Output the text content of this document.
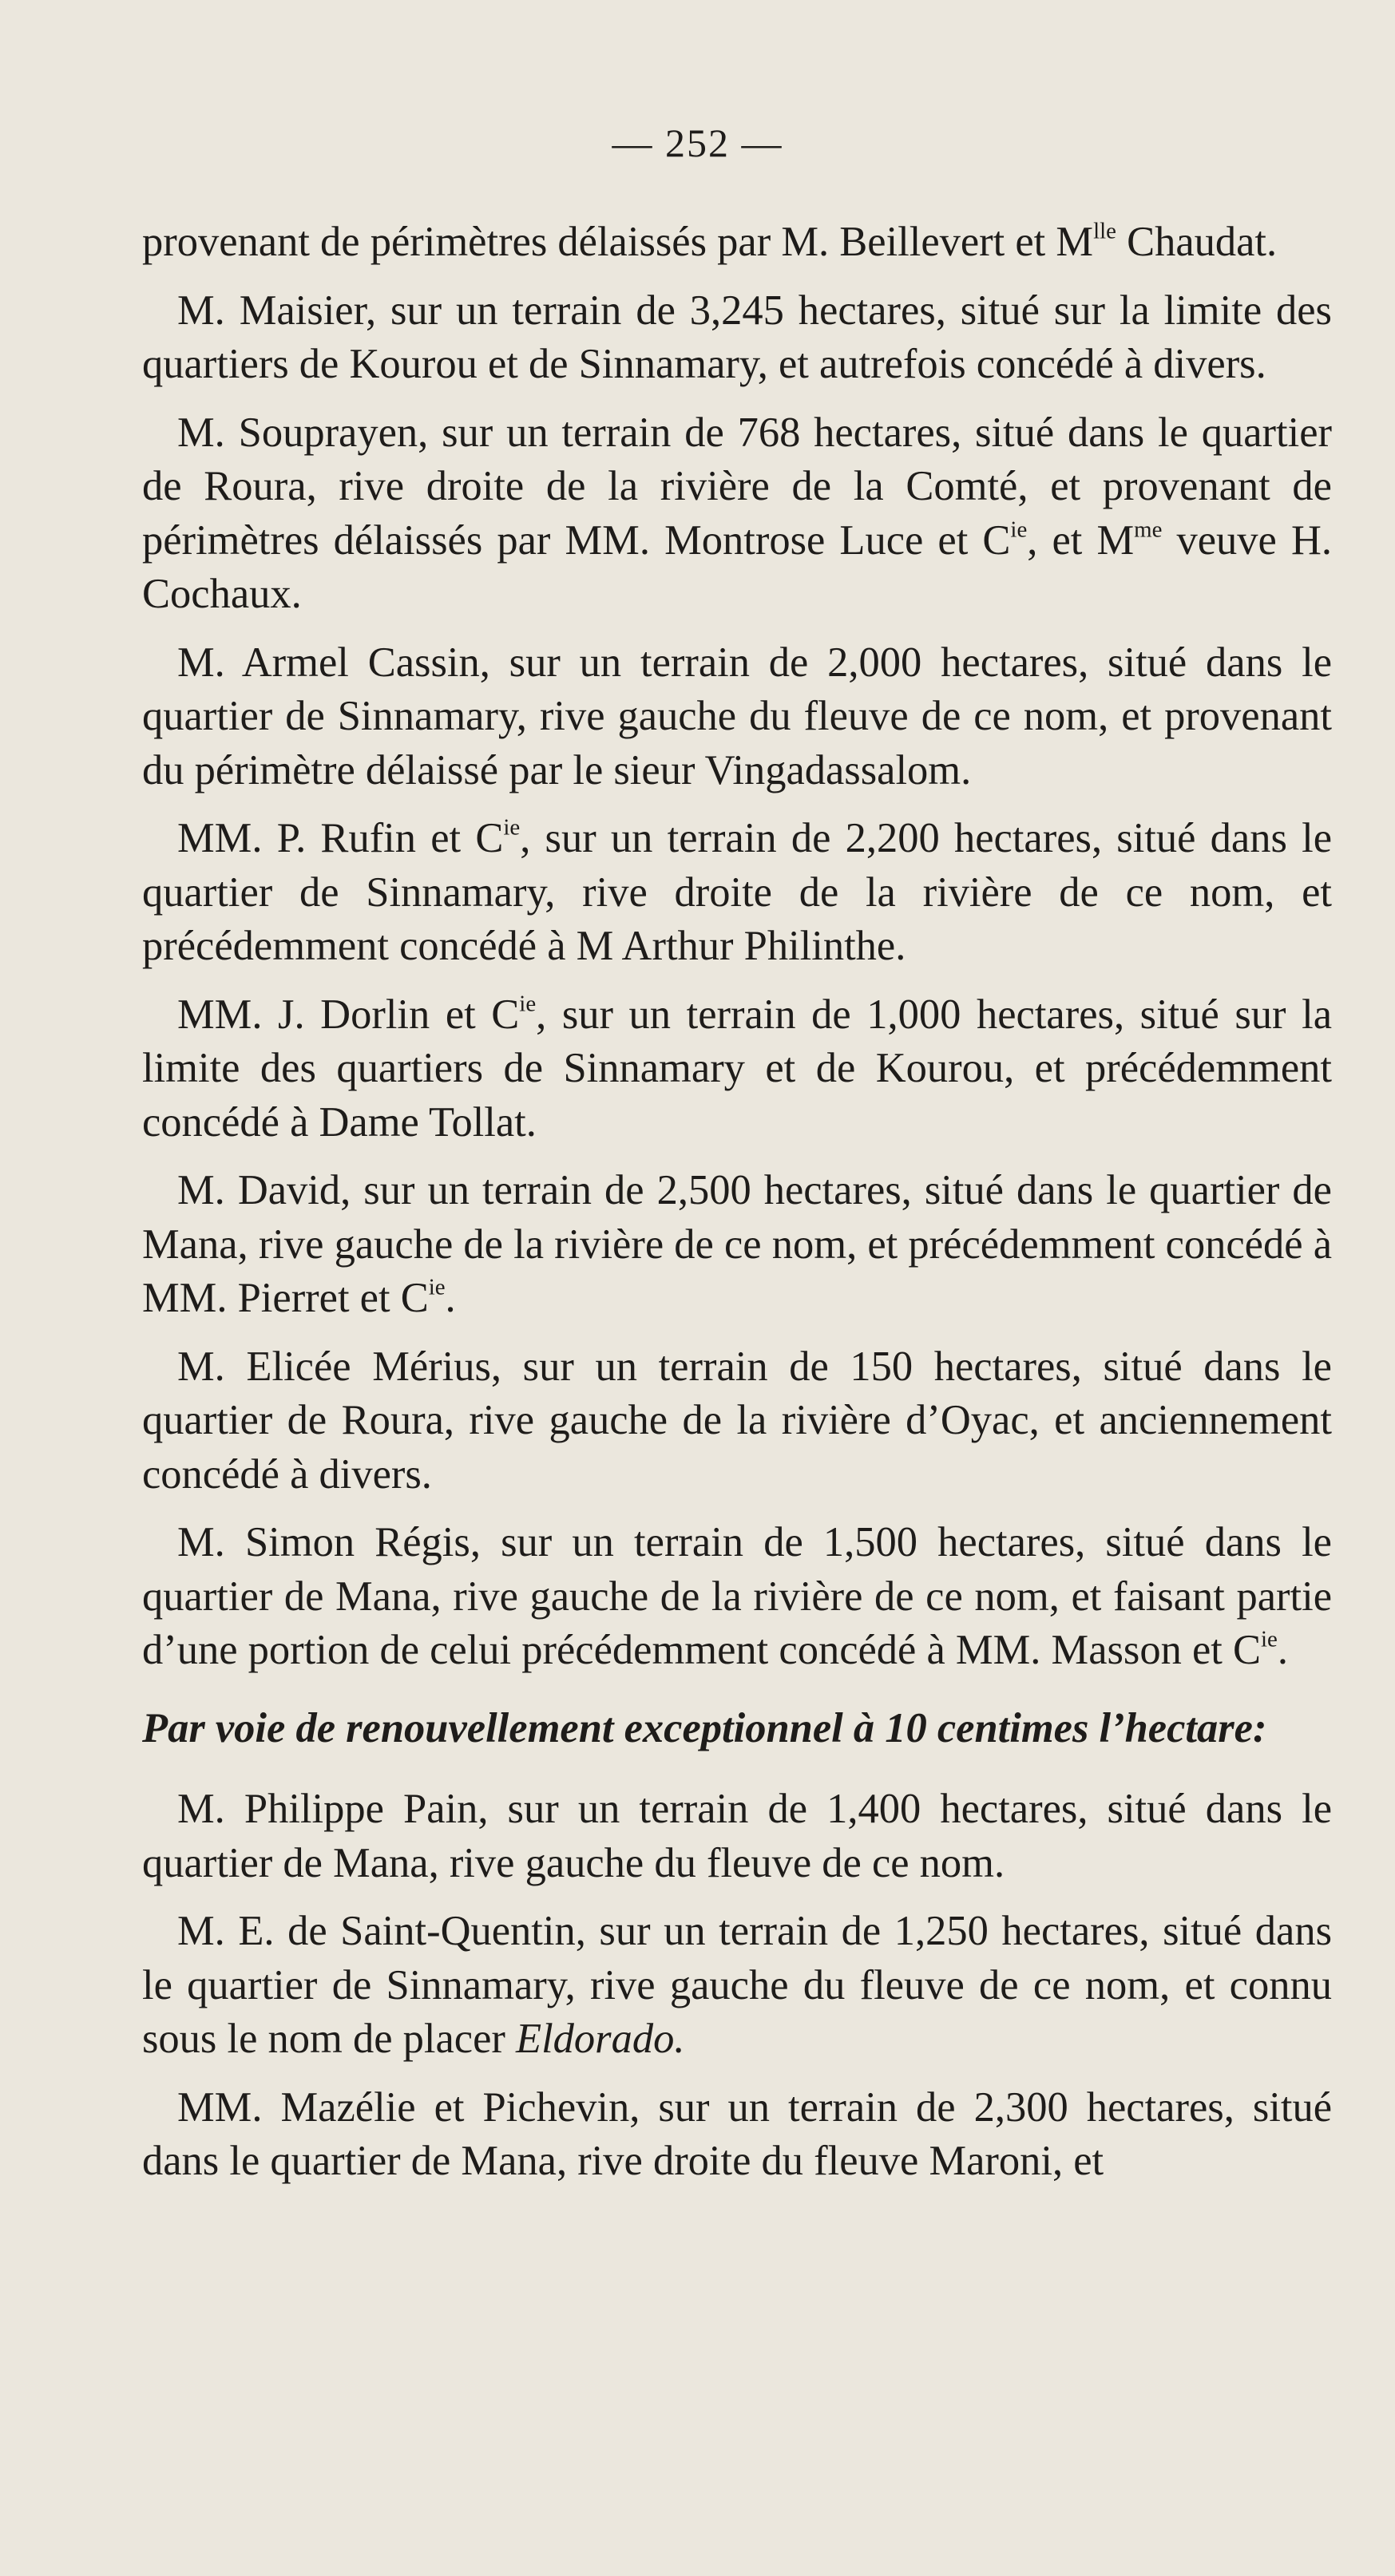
— 252 —

provenant de périmètres délaissés par M. Beillevert et $M^{lle}$ Chaudat.

M. Maisier, sur un terrain de 3,245 hectares, situé sur la limite des quartiers de Kourou et de Sinnamary, et autrefois concédé à divers.

M. Souprayen, sur un terrain de 768 hectares, situé dans le quartier de Roura, rive droite de la rivière de la Comté, et provenant de périmètres délaissés par MM. Montrose Luce et $C^{ie}$, et $M^{me}$ veuve H. Cochaux.

M. Armel Cassin, sur un terrain de 2,000 hectares, situé dans le quartier de Sinnamary, rive gauche du fleuve de ce nom, et provenant du périmètre délaissé par le sieur Vingadassalom.

MM. P. Rufin et $C^{ie}$, sur un terrain de 2,200 hectares, situé dans le quartier de Sinnamary, rive droite de la rivière de ce nom, et précédemment concédé à M Arthur Philinthe.

MM. J. Dorlin et $C^{ie}$, sur un terrain de 1,000 hectares, situé sur la limite des quartiers de Sinnamary et de Kourou, et précédemment concédé à Dame Tollat.

M. David, sur un terrain de 2,500 hectares, situé dans le quartier de Mana, rive gauche de la rivière de ce nom, et précédemment concédé à MM. Pierret et $C^{ie}$.

M. Elicée Mérius, sur un terrain de 150 hectares, situé dans le quartier de Roura, rive gauche de la rivière d’Oyac, et anciennement concédé à divers.

M. Simon Régis, sur un terrain de 1,500 hectares, situé dans le quartier de Mana, rive gauche de la rivière de ce nom, et faisant partie d’une portion de celui précédemment concédé à MM. Masson et $C^{ie}$.

Par voie de renouvellement exceptionnel à 10 centimes l’hectare:

M. Philippe Pain, sur un terrain de 1,400 hectares, situé dans le quartier de Mana, rive gauche du fleuve de ce nom.

M. E. de Saint-Quentin, sur un terrain de 1,250 hectares, situé dans le quartier de Sinnamary, rive gauche du fleuve de ce nom, et connu sous le nom de placer Eldorado.

MM. Mazélie et Pichevin, sur un terrain de 2,300 hectares, situé dans le quartier de Mana, rive droite du fleuve Maroni, et
